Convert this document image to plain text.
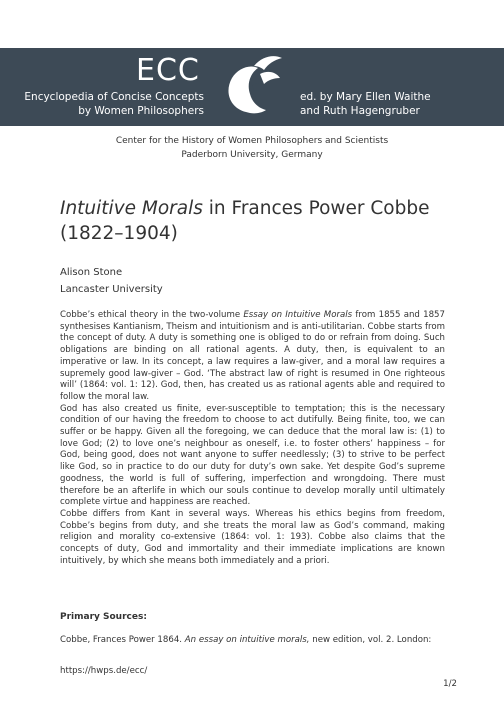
ECC
Encyclopedia of Concise Concepts
by Women Philosophers
ed. by Mary Ellen Waithe
and Ruth Hagengruber
Center for the History of Women Philosophers and Scientists
Paderborn University, Germany
Intuitive Morals in Frances Power Cobbe
(1822–1904)
Alison Stone
Lancaster University

Cobbe’s ethical theory in the two-volume Essay on Intuitive Morals from 1855 and 1857 synthesises Kantianism, Theism and intuitionism and is anti-utilitarian. Cobbe starts from the concept of duty. A duty is something one is obliged to do or refrain from doing. Such obligations are binding on all rational agents. A duty, then, is equivalent to an imperative or law. In its concept, a law requires a law-giver, and a moral law requires a supremely good law-giver – God. ‘The abstract law of right is resumed in One righteous will’ (1864: vol. 1: 12). God, then, has created us as rational agents able and required to follow the moral law.

God has also created us finite, ever-susceptible to temptation; this is the necessary condition of our having the freedom to choose to act dutifully. Being finite, too, we can suffer or be happy. Given all the foregoing, we can deduce that the moral law is: (1) to love God; (2) to love one’s neighbour as oneself, i.e. to foster others’ happiness – for God, being good, does not want anyone to suffer needlessly; (3) to strive to be perfect like God, so in practice to do our duty for duty’s own sake. Yet despite God’s supreme goodness, the world is full of suffering, imperfection and wrongdoing. There must therefore be an afterlife in which our souls continue to develop morally until ultimately complete virtue and happiness are reached.

Cobbe differs from Kant in several ways. Whereas his ethics begins from freedom, Cobbe’s begins from duty, and she treats the moral law as God’s command, making religion and morality co-extensive (1864: vol. 1: 193). Cobbe also claims that the concepts of duty, God and immortality and their immediate implications are known intuitively, by which she means both immediately and a priori.

Primary Sources:
Cobbe, Frances Power 1864. An essay on intuitive morals, new edition, vol. 2. London:
https://hwps.de/ecc/
1/2
